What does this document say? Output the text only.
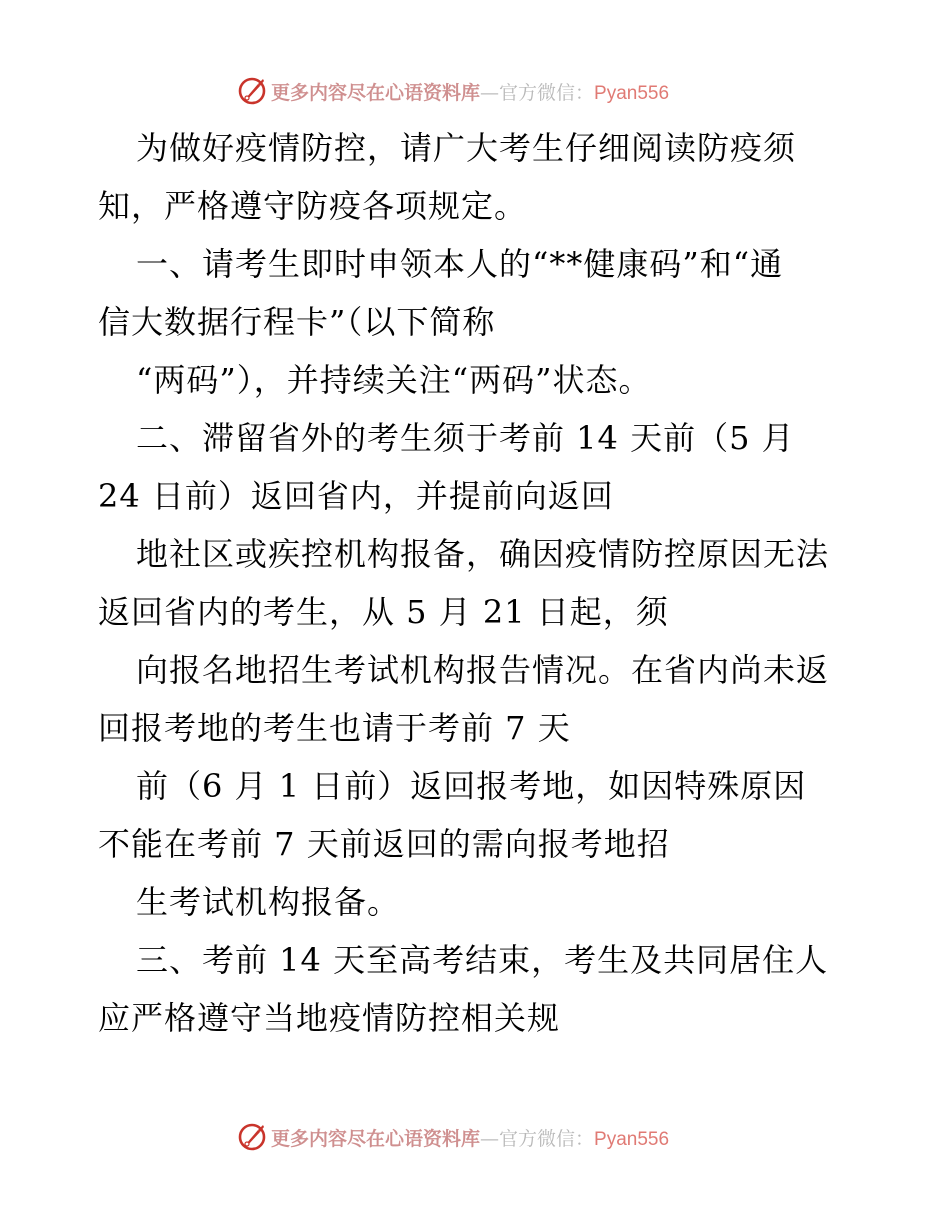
更多内容尽在心语资料库—官方微信：Pyan556
为做好疫情防控，请广大考生仔细阅读防疫须
知，严格遵守防疫各项规定。
一、请考生即时申领本人的“**健康码”和“通
信大数据行程卡”（以下简称
“两码”），并持续关注“两码”状态。
二、滞留省外的考生须于考前 14 天前（5 月
24 日前）返回省内，并提前向返回
地社区或疾控机构报备，确因疫情防控原因无法
返回省内的考生，从 5 月 21 日起，须
向报名地招生考试机构报告情况。在省内尚未返
回报考地的考生也请于考前 7 天
前（6 月 1 日前）返回报考地，如因特殊原因
不能在考前 7 天前返回的需向报考地招
生考试机构报备。
三、考前 14 天至高考结束，考生及共同居住人
应严格遵守当地疫情防控相关规
更多内容尽在心语资料库—官方微信：Pyan556
